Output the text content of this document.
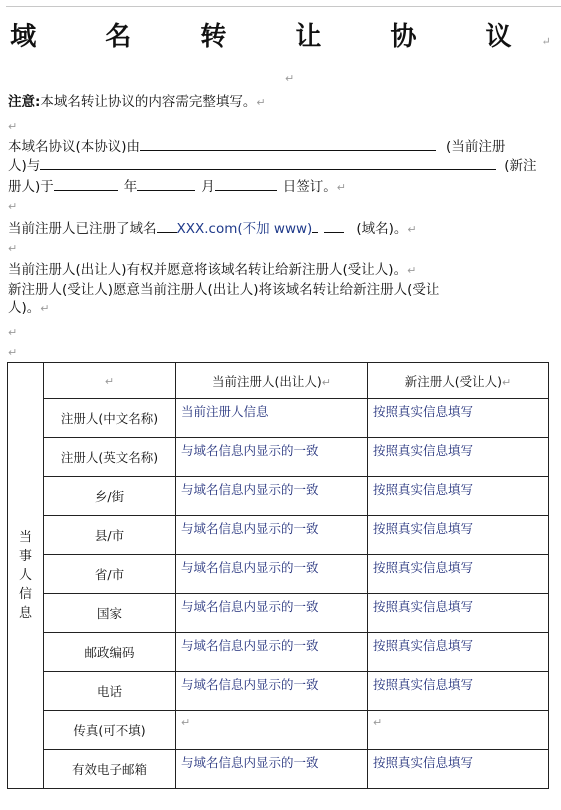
域 名 转 让 协 议↵
↵
注意:本域名转让协议的内容需完整填写。↵
↵
本域名协议(本协议)由	(当前注册
人)与	(新注
册人)于	年	月	日签订。↵
↵
当前注册人已注册了域名 XXX.com(不加 www)	(域名)。↵
↵
当前注册人(出让人)有权并愿意将该域名转让给新注册人(受让人)。↵
新注册人(受让人)愿意当前注册人(出让人)将该域名转让给新注册人(受让
人)。↵
↵
↵
当
事
人
信
息	↵	当前注册人(出让人)↵	新注册人(受让人)↵
	注册人(中文名称)	当前注册人信息	按照真实信息填写
	注册人(英文名称)	与域名信息内显示的一致	按照真实信息填写
	乡/街	与域名信息内显示的一致	按照真实信息填写
	县/市	与域名信息内显示的一致	按照真实信息填写
	省/市	与域名信息内显示的一致	按照真实信息填写
	国家	与域名信息内显示的一致	按照真实信息填写
	邮政编码	与域名信息内显示的一致	按照真实信息填写
	电话	与域名信息内显示的一致	按照真实信息填写
	传真(可不填)	↵	↵
	有效电子邮箱	与域名信息内显示的一致	按照真实信息填写
